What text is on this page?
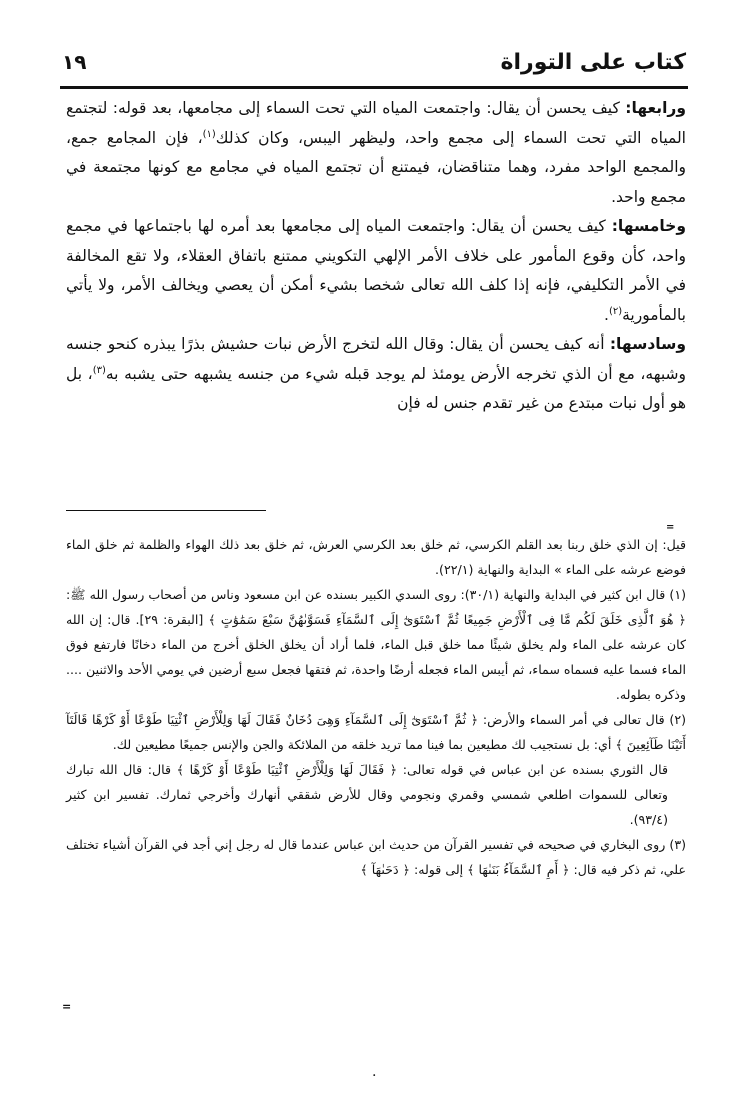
١٩	كتاب على التوراة

ورابعها: كيف يحسن أن يقال: واجتمعت المياه التي تحت السماء إلى مجامعها، بعد قوله: لتجتمع المياه التي تحت السماء إلى مجمع واحد، وليظهر اليبس، وكان كذلك$^{(١)}$، فإن المجامع جمع، والمجمع الواحد مفرد، وهما متناقضان، فيمتنع أن تجتمع المياه في مجامع مع كونها مجتمعة في مجمع واحد.

وخامسها: كيف يحسن أن يقال: واجتمعت المياه إلى مجامعها بعد أمره لها باجتماعها في مجمع واحد، كأن وقوع المأمور على خلاف الأمر الإلهي التكويني ممتنع باتفاق العقلاء، ولا تقع المخالفة في الأمر التكليفي، فإنه إذا كلف الله تعالى شخصا بشيء أمكن أن يعصي ويخالف الأمر، ولا يأتي بالمأمورية$^{(٢)}$.

وسادسها: أنه كيف يحسن أن يقال: وقال الله لتخرج الأرض نبات حشيش بذرًا يبذره كنحو جنسه وشبهه، مع أن الذي تخرجه الأرض يومئذ لم يوجد قبله شيء من جنسه يشبهه حتى يشبه به$^{(٣)}$، بل هو أول نبات مبتدع من غير تقدم جنس له فإن

=

قيل: إن الذي خلق ربنا بعد القلم الكرسي، ثم خلق بعد الكرسي العرش، ثم خلق بعد ذلك الهواء والظلمة ثم خلق الماء فوضع عرشه على الماء » البداية والنهاية (٢٢/١).

(١) قال ابن كثير في البداية والنهاية (٣٠/١): روى السدي الكبير بسنده عن ابن مسعود وناس من أصحاب رسول الله ﷺ: ﴿ هُوَ ٱلَّذِى خَلَقَ لَكُم مَّا فِى ٱلْأَرْضِ جَمِيعًا ثُمَّ ٱسْتَوَىٰٓ إِلَى ٱلسَّمَآءِ فَسَوَّىٰهُنَّ سَبْعَ سَمَٰوَٰتٍ ﴾ [البقرة: ٢٩]. قال: إن الله كان عرشه على الماء ولم يخلق شيئًا مما خلق قبل الماء، فلما أراد أن يخلق الخلق أخرج من الماء دخانًا فارتفع فوق الماء فسما عليه فسماه سماء، ثم أيبس الماء فجعله أرضًا واحدة، ثم فتقها فجعل سبع أرضين في يومي الأحد والاثنين .... وذكره بطوله.

(٢) قال تعالى في أمر السماء والأرض: ﴿ ثُمَّ ٱسْتَوَىٰٓ إِلَى ٱلسَّمَآءِ وَهِىَ دُخَانٌ فَقَالَ لَهَا وَلِلْأَرْضِ ٱئْتِيَا طَوْعًا أَوْ كَرْهًا قَالَتَآ أَتَيْنَا طَآئِعِينَ ﴾ أي: بل نستجيب لك مطيعين بما فينا مما تريد خلقه من الملائكة والجن والإنس جميعًا مطيعين لك.

قال الثوري بسنده عن ابن عباس في قوله تعالى: ﴿ فَقَالَ لَهَا وَلِلْأَرْضِ ٱئْتِيَا طَوْعًا أَوْ كَرْهًا ﴾ قال: قال الله تبارك وتعالى للسموات اطلعي شمسي وقمري ونجومي وقال للأرض شققي أنهارك وأخرجي ثمارك. تفسير ابن كثير (٩٣/٤).

(٣) روى البخاري في صحيحه في تفسير القرآن من حديث ابن عباس عندما قال له رجل إني أجد في القرآن أشياء تختلف علي، ثم ذكر فيه قال: ﴿ أَمِ ٱلسَّمَآءُ بَنَىٰهَا ﴾ إلى قوله: ﴿ دَحَىٰهَآ ﴾

=
.
